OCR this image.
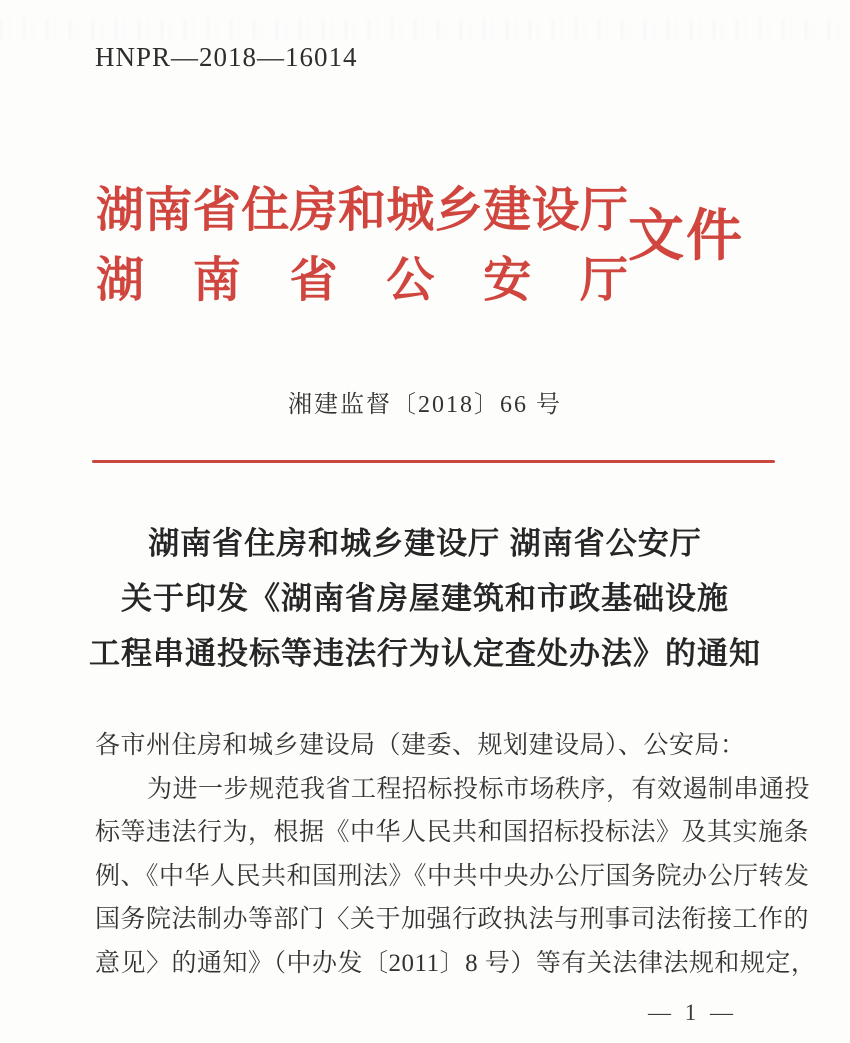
HNPR—2018—16014
湖南省住房和城乡建设厅
湖南省公安厅
文件
湘建监督〔2018〕66 号
湖南省住房和城乡建设厅 湖南省公安厅
关于印发《湖南省房屋建筑和市政基础设施
工程串通投标等违法行为认定查处办法》的通知
各市州住房和城乡建设局（建委、规划建设局）、公安局：
为进一步规范我省工程招标投标市场秩序，有效遏制串通投
标等违法行为，根据《中华人民共和国招标投标法》及其实施条
例、《中华人民共和国刑法》《中共中央办公厅国务院办公厅转发
国务院法制办等部门〈关于加强行政执法与刑事司法衔接工作的
意见〉的通知》（中办发〔2011〕8 号）等有关法律法规和规定，
— 1 —
